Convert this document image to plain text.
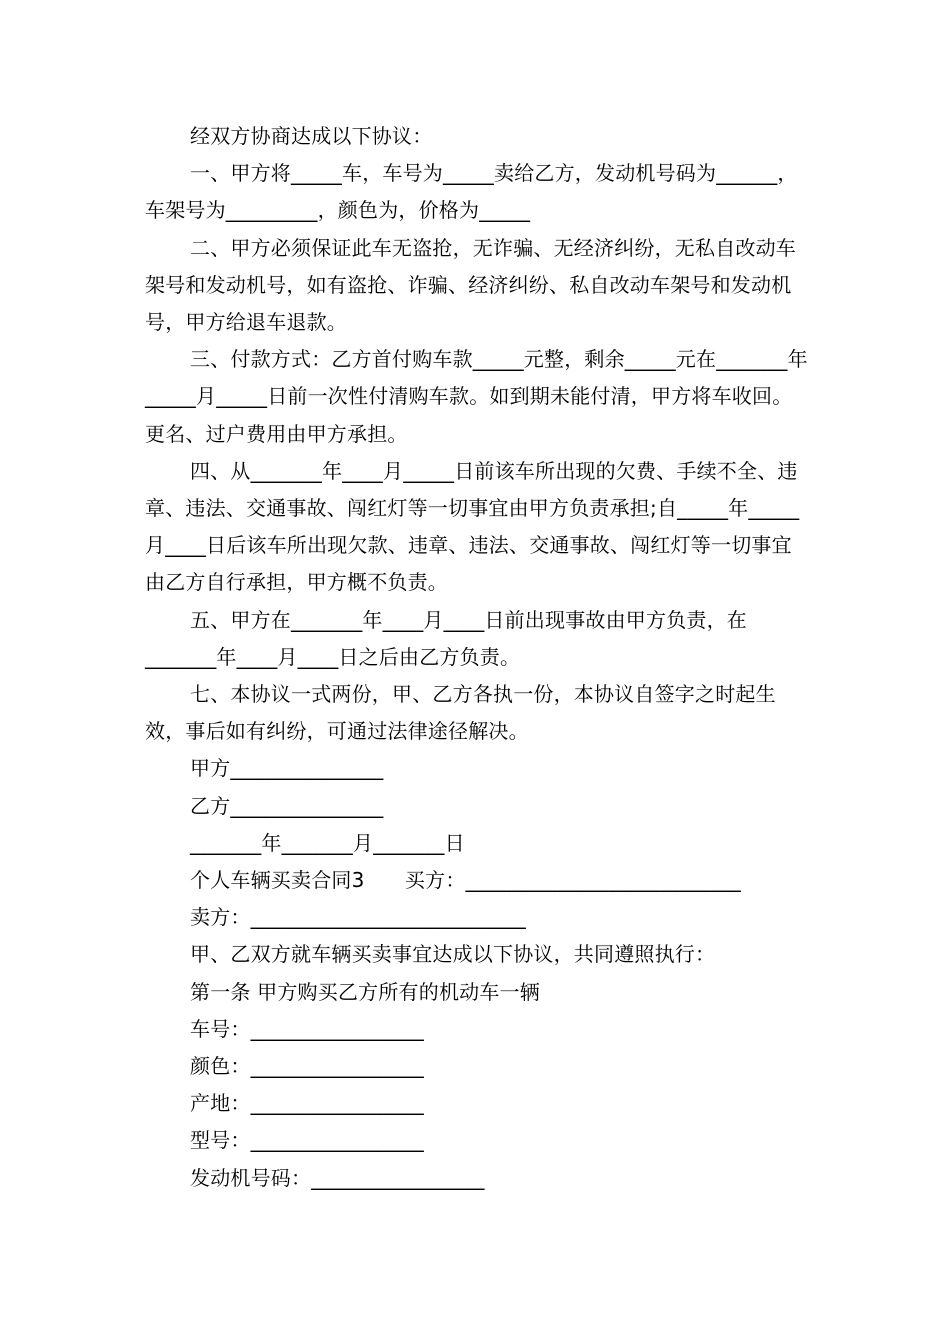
经双方协商达成以下协议：

一、甲方将_____车，车号为_____卖给乙方，发动机号码为______，车架号为_________，颜色为，价格为_____

二、甲方必须保证此车无盗抢，无诈骗、无经济纠纷，无私自改动车架号和发动机号，如有盗抢、诈骗、经济纠纷、私自改动车架号和发动机号，甲方给退车退款。

三、付款方式：乙方首付购车款_____元整，剩余_____元在_______年_____月_____日前一次性付清购车款。如到期未能付清，甲方将车收回。更名、过户费用由甲方承担。

四、从_______年____月_____日前该车所出现的欠费、手续不全、违章、违法、交通事故、闯红灯等一切事宜由甲方负责承担;自_____年_____月____日后该车所出现欠款、违章、违法、交通事故、闯红灯等一切事宜由乙方自行承担，甲方概不负责。

五、甲方在_______年____月____日前出现事故由甲方负责，在_______年____月____日之后由乙方负责。

七、本协议一式两份，甲、乙方各执一份，本协议自签字之时起生效，事后如有纠纷，可通过法律途径解决。

甲方_______________

乙方_______________

_______年_______月_______日

个人车辆买卖合同3　　买方：___________________________

卖方：___________________________

甲、乙双方就车辆买卖事宜达成以下协议，共同遵照执行：

第一条 甲方购买乙方所有的机动车一辆

车号：_________________

颜色：_________________

产地：_________________

型号：_________________

发动机号码：_________________
